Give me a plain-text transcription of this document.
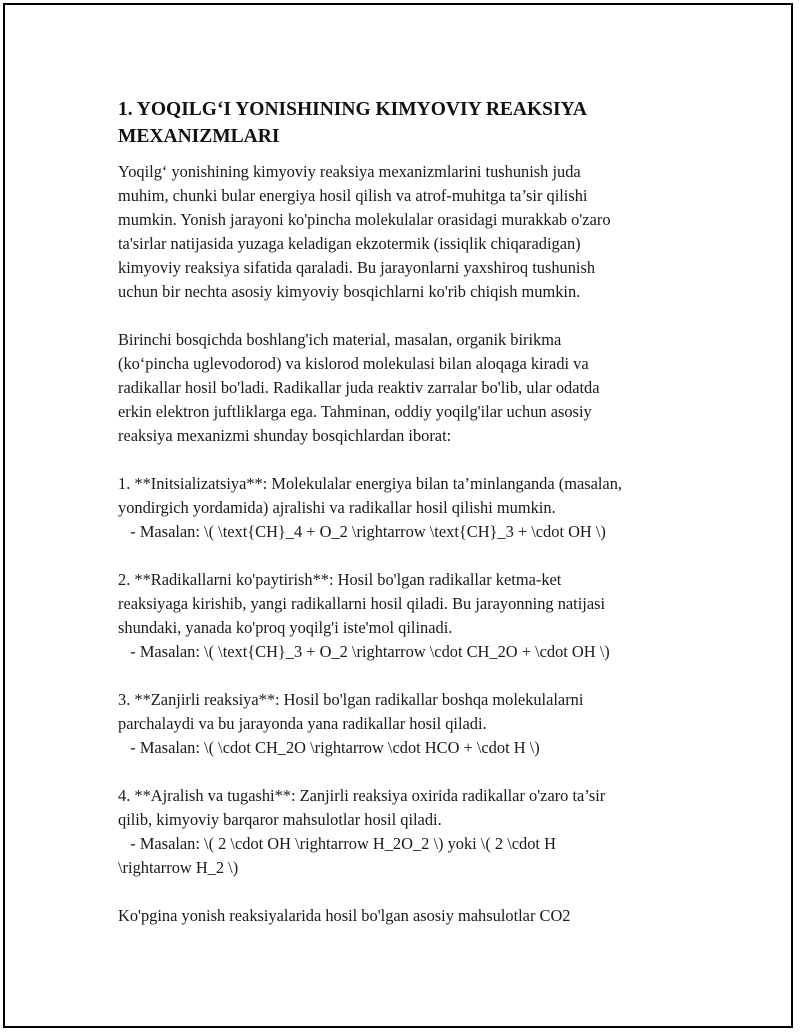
1. YOQILG‘I YONISHINING KIMYOVIY REAKSIYA
MEXANIZMLARI
Yoqilg‘ yonishining kimyoviy reaksiya mexanizmlarini tushunish juda
muhim, chunki bular energiya hosil qilish va atrof-muhitga ta’sir qilishi
mumkin. Yonish jarayoni ko'pincha molekulalar orasidagi murakkab o'zaro
ta'sirlar natijasida yuzaga keladigan ekzotermik (issiqlik chiqaradigan)
kimyoviy reaksiya sifatida qaraladi. Bu jarayonlarni yaxshiroq tushunish
uchun bir nechta asosiy kimyoviy bosqichlarni ko'rib chiqish mumkin.
Birinchi bosqichda boshlang'ich material, masalan, organik birikma
(ko‘pincha uglevodorod) va kislorod molekulasi bilan aloqaga kiradi va
radikallar hosil bo'ladi. Radikallar juda reaktiv zarralar bo'lib, ular odatda
erkin elektron juftliklarga ega. Tahminan, oddiy yoqilg'ilar uchun asosiy
reaksiya mexanizmi shunday bosqichlardan iborat:
1. **Initsializatsiya**: Molekulalar energiya bilan ta’minlanganda (masalan,
yondirgich yordamida) ajralishi va radikallar hosil qilishi mumkin.
- Masalan: \( \text{CH}_4 + O_2 \rightarrow \text{CH}_3 + \cdot OH \)
2. **Radikallarni ko'paytirish**: Hosil bo'lgan radikallar ketma-ket
reaksiyaga kirishib, yangi radikallarni hosil qiladi. Bu jarayonning natijasi
shundaki, yanada ko'proq yoqilg'i iste'mol qilinadi.
- Masalan: \( \text{CH}_3 + O_2 \rightarrow \cdot CH_2O + \cdot OH \)
3. **Zanjirli reaksiya**: Hosil bo'lgan radikallar boshqa molekulalarni
parchalaydi va bu jarayonda yana radikallar hosil qiladi.
- Masalan: \( \cdot CH_2O \rightarrow \cdot HCO + \cdot H \)
4. **Ajralish va tugashi**: Zanjirli reaksiya oxirida radikallar o'zaro ta’sir
qilib, kimyoviy barqaror mahsulotlar hosil qiladi.
- Masalan: \( 2 \cdot OH \rightarrow H_2O_2 \) yoki \( 2 \cdot H
\rightarrow H_2 \)
Ko'pgina yonish reaksiyalarida hosil bo'lgan asosiy mahsulotlar CO2
